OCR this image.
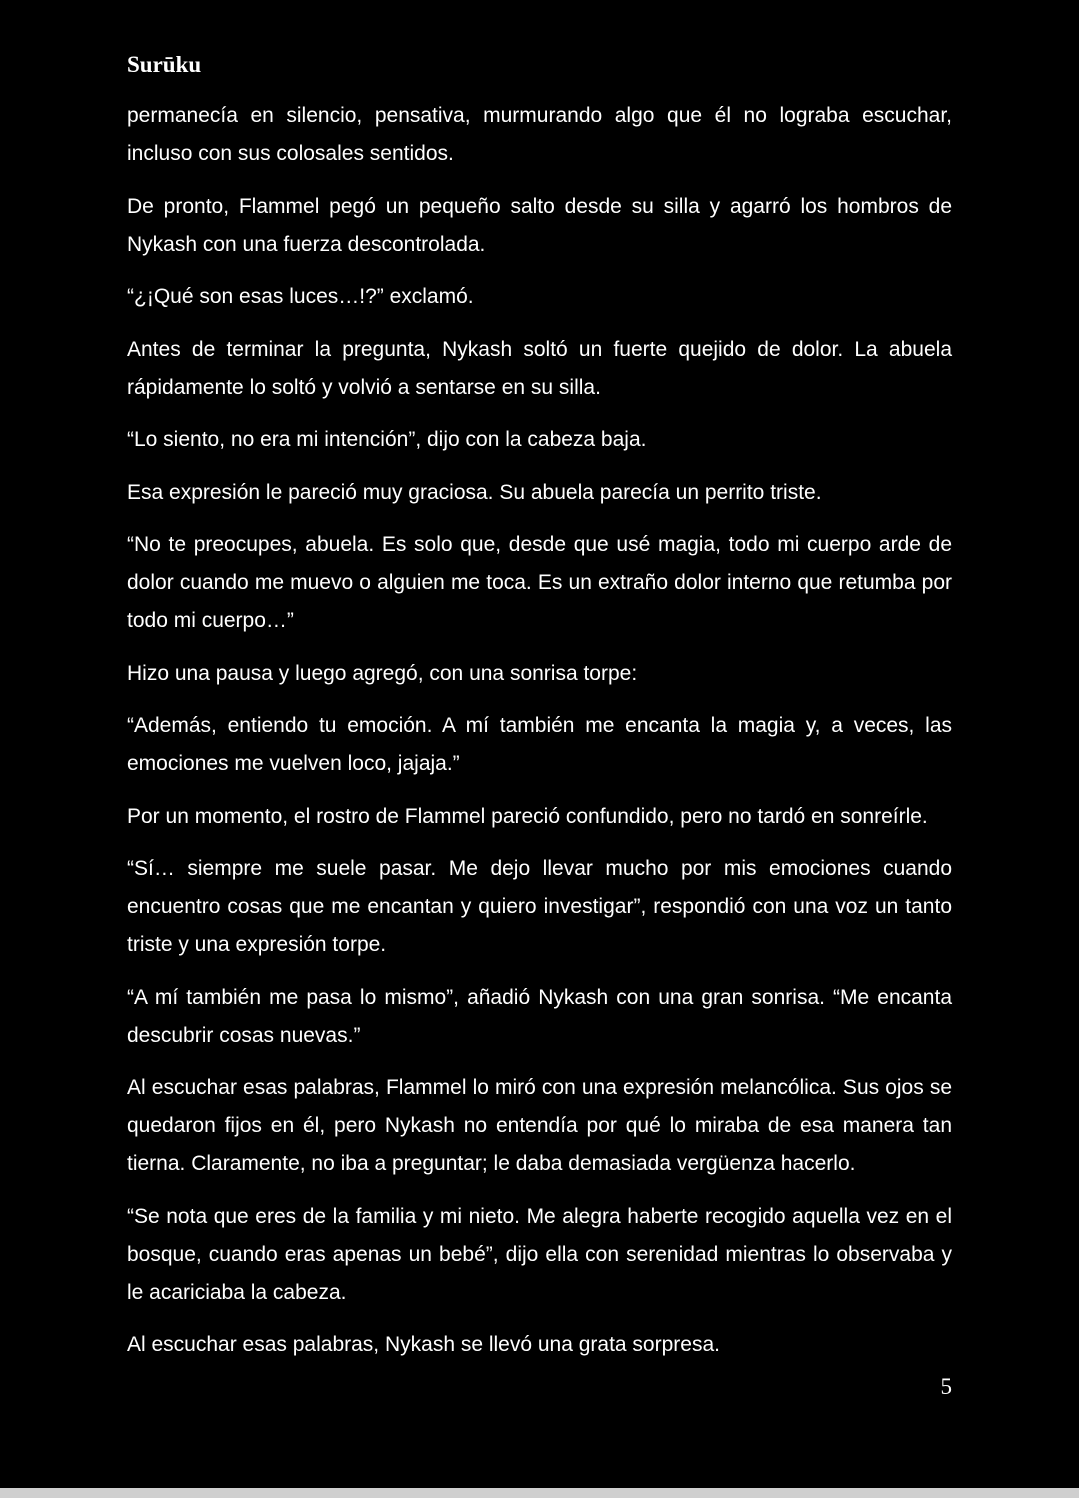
Surūku

permanecía en silencio, pensativa, murmurando algo que él no lograba escuchar, incluso con sus colosales sentidos.

De pronto, Flammel pegó un pequeño salto desde su silla y agarró los hombros de Nykash con una fuerza descontrolada.

“¿¡Qué son esas luces…!?” exclamó.

Antes de terminar la pregunta, Nykash soltó un fuerte quejido de dolor. La abuela rápidamente lo soltó y volvió a sentarse en su silla.

“Lo siento, no era mi intención”, dijo con la cabeza baja.

Esa expresión le pareció muy graciosa. Su abuela parecía un perrito triste.

“No te preocupes, abuela. Es solo que, desde que usé magia, todo mi cuerpo arde de dolor cuando me muevo o alguien me toca. Es un extraño dolor interno que retumba por todo mi cuerpo…”

Hizo una pausa y luego agregó, con una sonrisa torpe:

“Además, entiendo tu emoción. A mí también me encanta la magia y, a veces, las emociones me vuelven loco, jajaja.”

Por un momento, el rostro de Flammel pareció confundido, pero no tardó en sonreírle.

“Sí… siempre me suele pasar. Me dejo llevar mucho por mis emociones cuando encuentro cosas que me encantan y quiero investigar”, respondió con una voz un tanto triste y una expresión torpe.

“A mí también me pasa lo mismo”, añadió Nykash con una gran sonrisa. “Me encanta descubrir cosas nuevas.”

Al escuchar esas palabras, Flammel lo miró con una expresión melancólica. Sus ojos se quedaron fijos en él, pero Nykash no entendía por qué lo miraba de esa manera tan tierna. Claramente, no iba a preguntar; le daba demasiada vergüenza hacerlo.

“Se nota que eres de la familia y mi nieto. Me alegra haberte recogido aquella vez en el bosque, cuando eras apenas un bebé”, dijo ella con serenidad mientras lo observaba y le acariciaba la cabeza.

Al escuchar esas palabras, Nykash se llevó una grata sorpresa.

5
